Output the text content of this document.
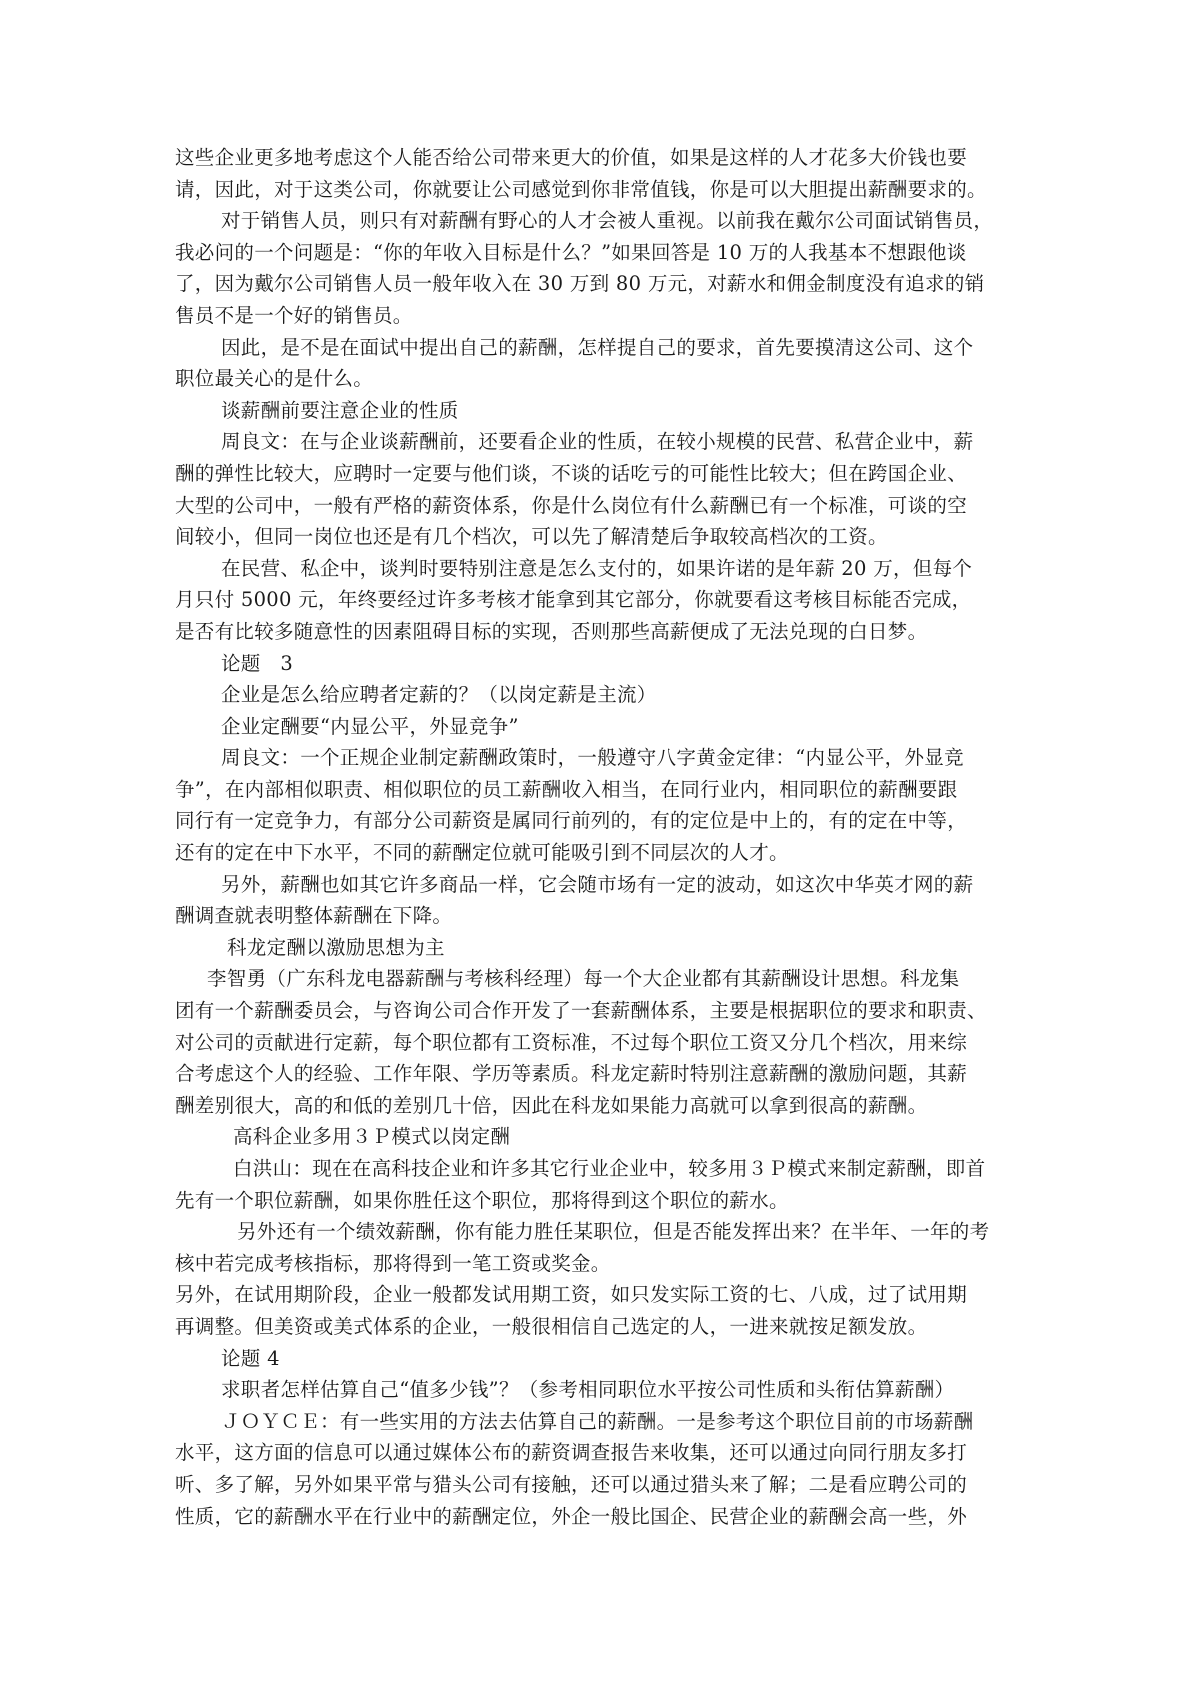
这些企业更多地考虑这个人能否给公司带来更大的价值，如果是这样的人才花多大价钱也要
请，因此，对于这类公司，你就要让公司感觉到你非常值钱，你是可以大胆提出薪酬要求的。
对于销售人员，则只有对薪酬有野心的人才会被人重视。以前我在戴尔公司面试销售员，
我必问的一个问题是：“你的年收入目标是什么？”如果回答是 10 万的人我基本不想跟他谈
了，因为戴尔公司销售人员一般年收入在 30 万到 80 万元，对薪水和佣金制度没有追求的销
售员不是一个好的销售员。
因此，是不是在面试中提出自己的薪酬，怎样提自己的要求，首先要摸清这公司、这个
职位最关心的是什么。
谈薪酬前要注意企业的性质
周良文：在与企业谈薪酬前，还要看企业的性质，在较小规模的民营、私营企业中，薪
酬的弹性比较大，应聘时一定要与他们谈，不谈的话吃亏的可能性比较大；但在跨国企业、
大型的公司中，一般有严格的薪资体系，你是什么岗位有什么薪酬已有一个标准，可谈的空
间较小，但同一岗位也还是有几个档次，可以先了解清楚后争取较高档次的工资。
在民营、私企中，谈判时要特别注意是怎么支付的，如果许诺的是年薪 20 万，但每个
月只付 5000 元，年终要经过许多考核才能拿到其它部分，你就要看这考核目标能否完成，
是否有比较多随意性的因素阻碍目标的实现，否则那些高薪便成了无法兑现的白日梦。
论题　3
企业是怎么给应聘者定薪的？（以岗定薪是主流）
企业定酬要“内显公平，外显竞争”
周良文：一个正规企业制定薪酬政策时，一般遵守八字黄金定律：“内显公平，外显竞
争”，在内部相似职责、相似职位的员工薪酬收入相当，在同行业内，相同职位的薪酬要跟
同行有一定竞争力，有部分公司薪资是属同行前列的，有的定位是中上的，有的定在中等，
还有的定在中下水平，不同的薪酬定位就可能吸引到不同层次的人才。
另外，薪酬也如其它许多商品一样，它会随市场有一定的波动，如这次中华英才网的薪
酬调查就表明整体薪酬在下降。
科龙定酬以激励思想为主
李智勇（广东科龙电器薪酬与考核科经理）每一个大企业都有其薪酬设计思想。科龙集
团有一个薪酬委员会，与咨询公司合作开发了一套薪酬体系，主要是根据职位的要求和职责、
对公司的贡献进行定薪，每个职位都有工资标准，不过每个职位工资又分几个档次，用来综
合考虑这个人的经验、工作年限、学历等素质。科龙定薪时特别注意薪酬的激励问题，其薪
酬差别很大，高的和低的差别几十倍，因此在科龙如果能力高就可以拿到很高的薪酬。
高科企业多用３Ｐ模式以岗定酬
白洪山：现在在高科技企业和许多其它行业企业中，较多用３Ｐ模式来制定薪酬，即首
先有一个职位薪酬，如果你胜任这个职位，那将得到这个职位的薪水。
另外还有一个绩效薪酬，你有能力胜任某职位，但是否能发挥出来？在半年、一年的考
核中若完成考核指标，那将得到一笔工资或奖金。
另外，在试用期阶段，企业一般都发试用期工资，如只发实际工资的七、八成，过了试用期
再调整。但美资或美式体系的企业，一般很相信自己选定的人，一进来就按足额发放。
论题 4
求职者怎样估算自己“值多少钱”？（参考相同职位水平按公司性质和头衔估算薪酬）
ＪＯＹＣＥ：有一些实用的方法去估算自己的薪酬。一是参考这个职位目前的市场薪酬
水平，这方面的信息可以通过媒体公布的薪资调查报告来收集，还可以通过向同行朋友多打
听、多了解，另外如果平常与猎头公司有接触，还可以通过猎头来了解；二是看应聘公司的
性质，它的薪酬水平在行业中的薪酬定位，外企一般比国企、民营企业的薪酬会高一些，外
